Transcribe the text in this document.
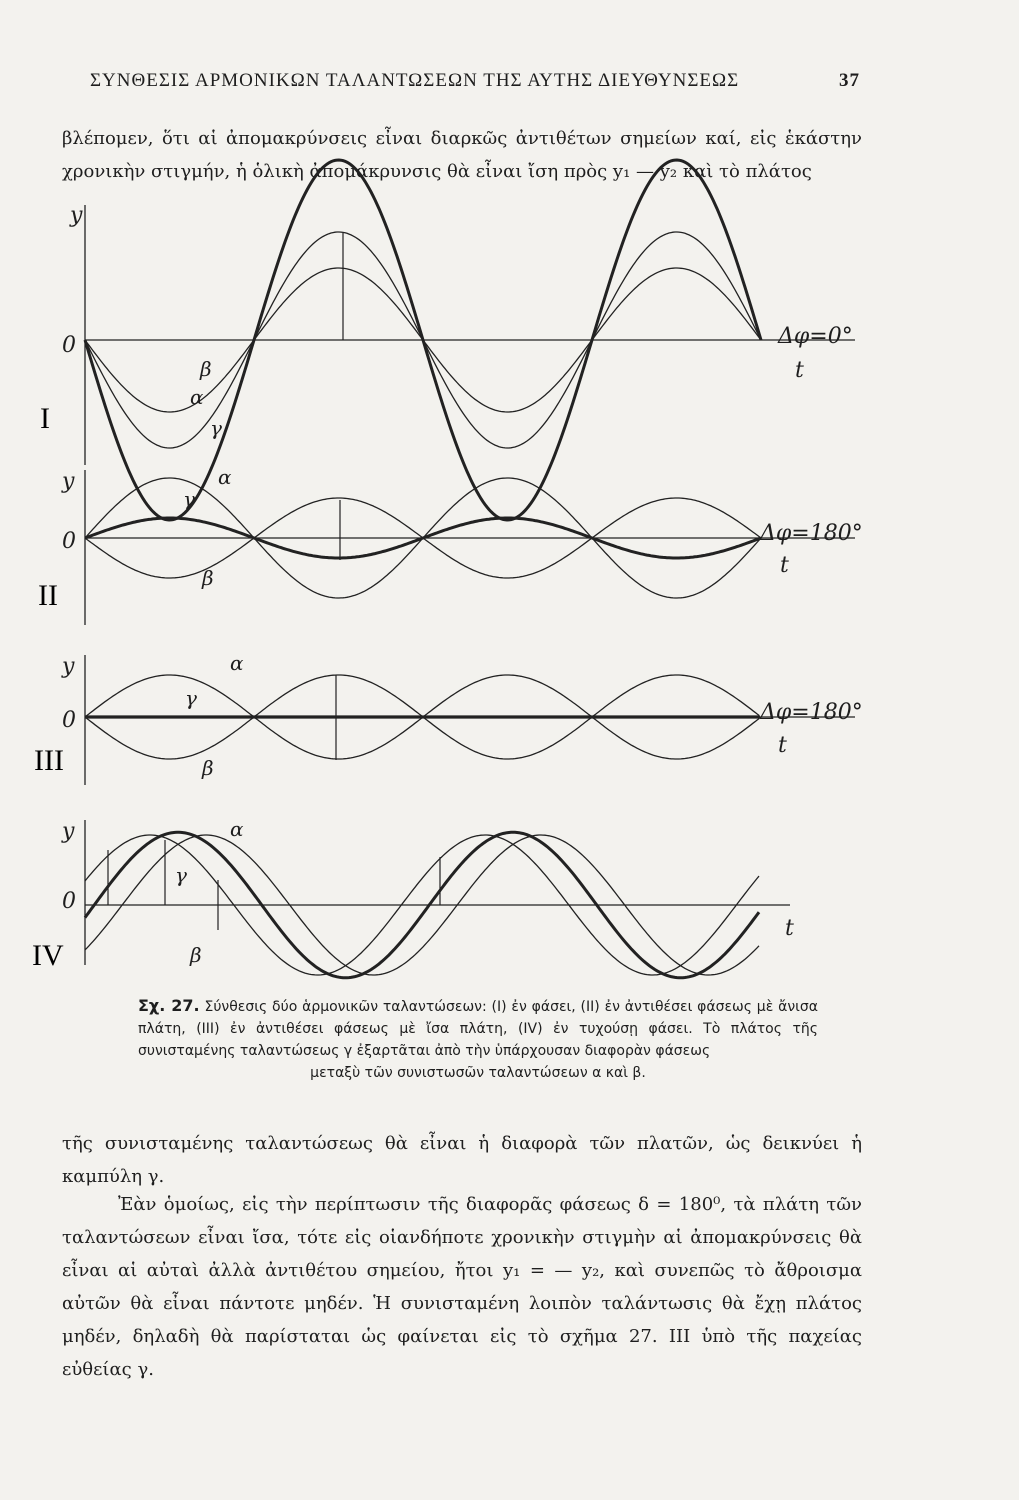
ΣΥΝΘΕΣΙΣ ΑΡΜΟΝΙΚΩΝ ΤΑΛΑΝΤΩΣΕΩΝ ΤΗΣ ΑΥΤΗΣ ΔΙΕΥΘΥΝΣΕΩΣ	37
βλέπομεν, ὅτι αἱ ἀπομακρύνσεις εἶναι διαρκῶς ἀντιθέτων σημείων καί, εἰς ἑκάστην χρονικὴν στιγμήν, ἡ ὁλικὴ ἀπομάκρυνσις θὰ εἶναι ἴση πρὸς y₁ — y₂ καὶ τὸ πλάτος
y
0
t
Δφ=0°
I
β
α
γ
y
0
t
Δφ=180°
II
α
β
γ
y
0
t
Δφ=180°
III
α
β
γ
y
0
t
IV
α
β
γ
Σχ. 27. Σύνθεσις δύο ἁρμονικῶν ταλαντώσεων: (I) ἐν φάσει, (II) ἐν ἀντιθέσει φάσεως μὲ ἄνισα πλάτη, (III) ἐν ἀντιθέσει φάσεως μὲ ἴσα πλάτη, (IV) ἐν τυχούσῃ φάσει. Τὸ πλάτος τῆς συνισταμένης ταλαντώσεως γ ἐξαρτᾶται ἀπὸ τὴν ὑπάρχουσαν διαφορὰν φάσεως
μεταξὺ τῶν συνιστωσῶν ταλαντώσεων α καὶ β.
τῆς συνισταμένης ταλαντώσεως θὰ εἶναι ἡ διαφορὰ τῶν πλατῶν, ὡς δεικνύει ἡ καμπύλη γ.
Ἐὰν ὁμοίως, εἰς τὴν περίπτωσιν τῆς διαφορᾶς φάσεως δ = 180⁰, τὰ πλάτη τῶν ταλαντώσεων εἶναι ἴσα, τότε εἰς οἱανδήποτε χρονικὴν στιγμὴν αἱ ἀπομακρύνσεις θὰ εἶναι αἱ αὐταὶ ἀλλὰ ἀντιθέτου σημείου, ἤτοι y₁ = — y₂, καὶ συνεπῶς τὸ ἄθροισμα αὐτῶν θὰ εἶναι πάντοτε μηδέν. Ἡ συνισταμένη λοιπὸν ταλάντωσις θὰ ἔχῃ πλάτος μηδέν, δηλαδὴ θὰ παρίσταται ὡς φαίνεται εἰς τὸ σχῆμα 27. III ὑπὸ τῆς παχείας εὐθείας γ.
